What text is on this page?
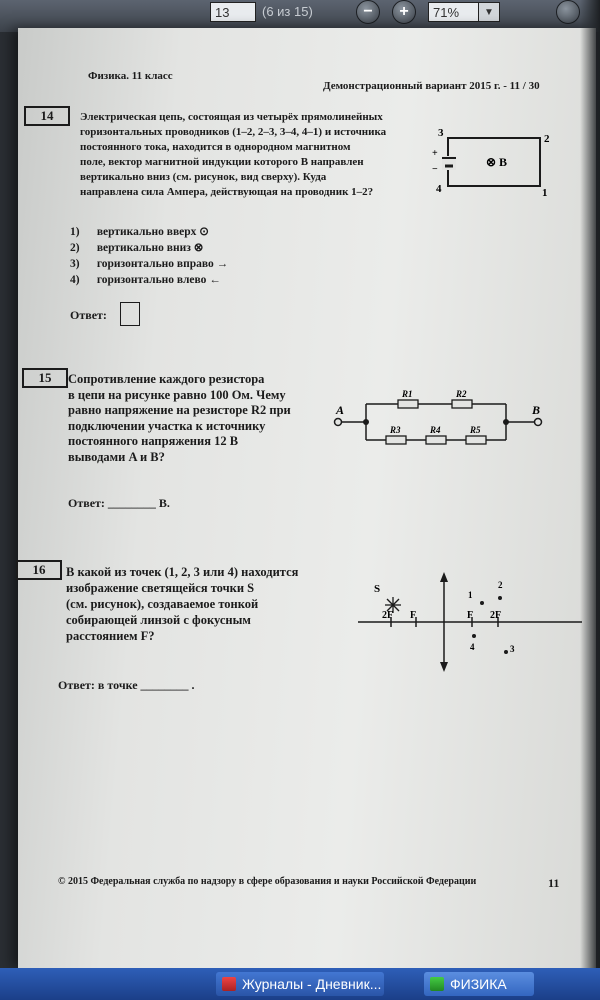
13	(6 из 15)	−	+	71%	▼
Физика. 11 класс
Демонстрационный вариант 2015 г. - 11 / 30
14	Электрическая цепь, состоящая из четырёх прямолинейных
горизонтальных проводников (1–2, 2–3, 3–4, 4–1) и источника
постоянного тока, находится в однородном магнитном
поле, вектор магнитной индукции которого B направлен
вертикально вниз (см. рисунок, вид сверху). Куда
направлена сила Ампера, действующая на проводник 1–2?
3	2
1
4
+
−
⊗ B
1) вертикально вверх ⊙
2) вертикально вниз ⊗
3) горизонтально вправо →
4) горизонтально влево ←
Ответ:
15	Сопротивление каждого резистора
в цепи на рисунке равно 100 Ом. Чему
равно напряжение на резисторе R2 при
подключении участка к источнику
постоянного напряжения 12 В
выводами A и B?
A	B
R1	R2
R3	R4	R5
Ответ: ________ В.
16	В какой из точек (1, 2, 3 или 4) находится
изображение светящейся точки S
(см. рисунок), создаваемое тонкой
собирающей линзой с фокусным
расстоянием F?
S
2F F	F 2F
1
2
3
4
Ответ: в точке ________ .
© 2015 Федеральная служба по надзору в сфере образования и науки Российской Федерации	11
Журналы - Дневник...	ФИЗИКА
